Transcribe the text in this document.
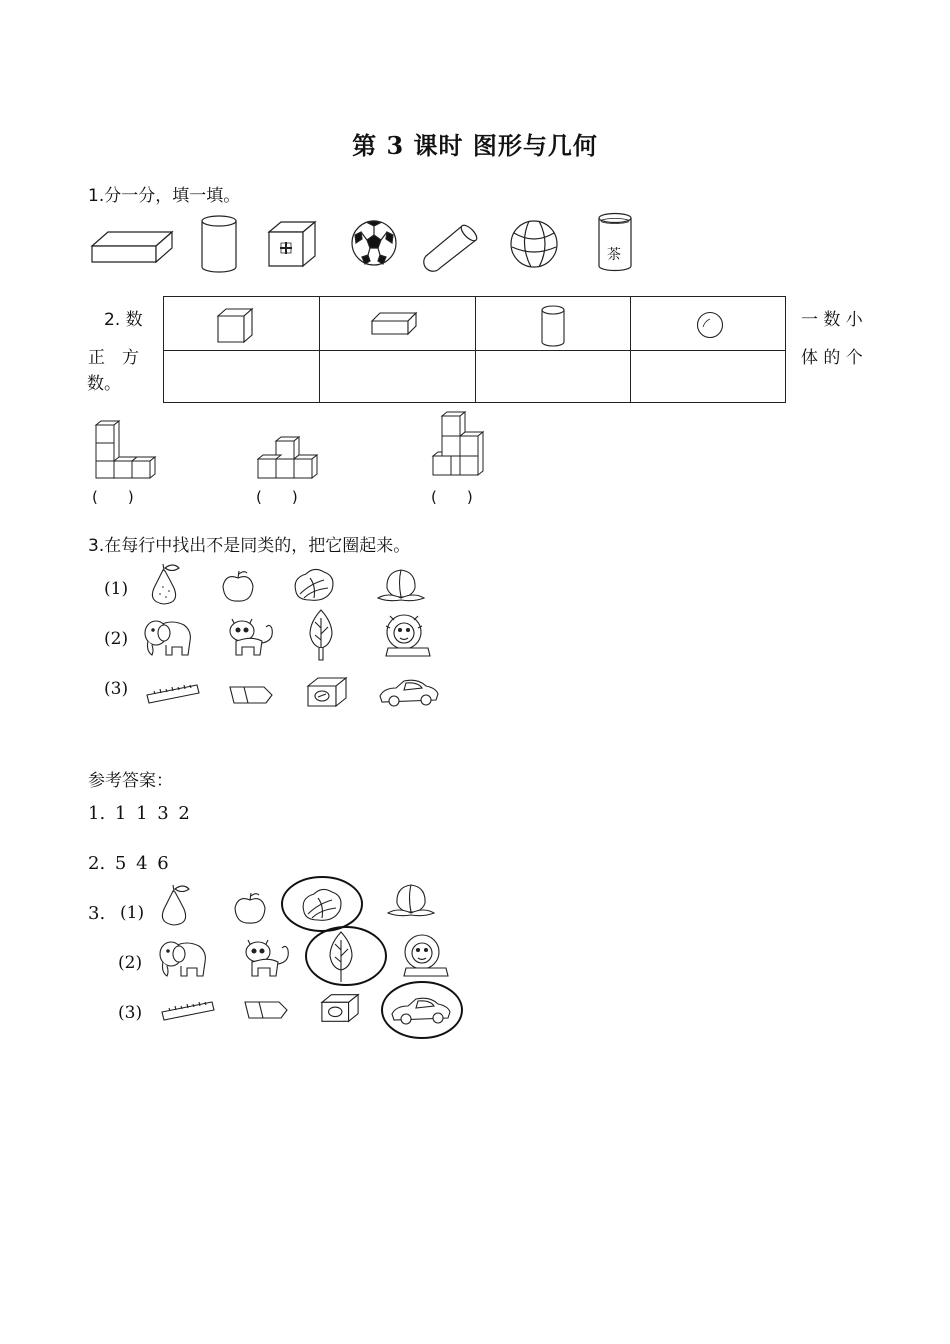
第 3 课时 图形与几何
1.分一分，填一填。
茶
2. 数
正　方
数。
一 数 小
体 的 个
(　　)	(　　)	(　　)
3.在每行中找出不是同类的，把它圈起来。
(1)
(2)
(3)
参考答案：
1. 1 1 3 2
2. 5 4 6
3. (1)
(2)
(3)
